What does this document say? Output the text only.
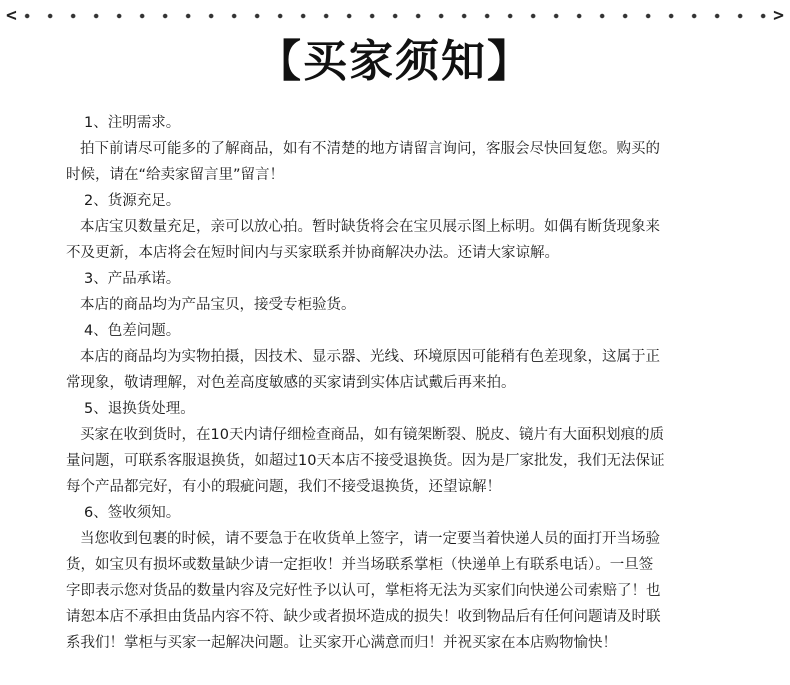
<	>
【买家须知】
1、注明需求。
拍下前请尽可能多的了解商品，如有不清楚的地方请留言询问，客服会尽快回复您。购买的
时候，请在“给卖家留言里”留言！
2、货源充足。
本店宝贝数量充足，亲可以放心拍。暂时缺货将会在宝贝展示图上标明。如偶有断货现象来
不及更新，本店将会在短时间内与买家联系并协商解决办法。还请大家谅解。
3、产品承诺。
本店的商品均为产品宝贝，接受专柜验货。
4、色差问题。
本店的商品均为实物拍摄，因技术、显示器、光线、环境原因可能稍有色差现象，这属于正
常现象，敬请理解，对色差高度敏感的买家请到实体店试戴后再来拍。
5、退换货处理。
买家在收到货时，在10天内请仔细检查商品，如有镜架断裂、脱皮、镜片有大面积划痕的质
量问题，可联系客服退换货，如超过10天本店不接受退换货。因为是厂家批发，我们无法保证
每个产品都完好，有小的瑕疵问题，我们不接受退换货，还望谅解！
6、签收须知。
当您收到包裹的时候，请不要急于在收货单上签字，请一定要当着快递人员的面打开当场验
货，如宝贝有损坏或数量缺少请一定拒收！并当场联系掌柜（快递单上有联系电话）。一旦签
字即表示您对货品的数量内容及完好性予以认可，掌柜将无法为买家们向快递公司索赔了！也
请恕本店不承担由货品内容不符、缺少或者损坏造成的损失！收到物品后有任何问题请及时联
系我们！掌柜与买家一起解决问题。让买家开心满意而归！并祝买家在本店购物愉快！
